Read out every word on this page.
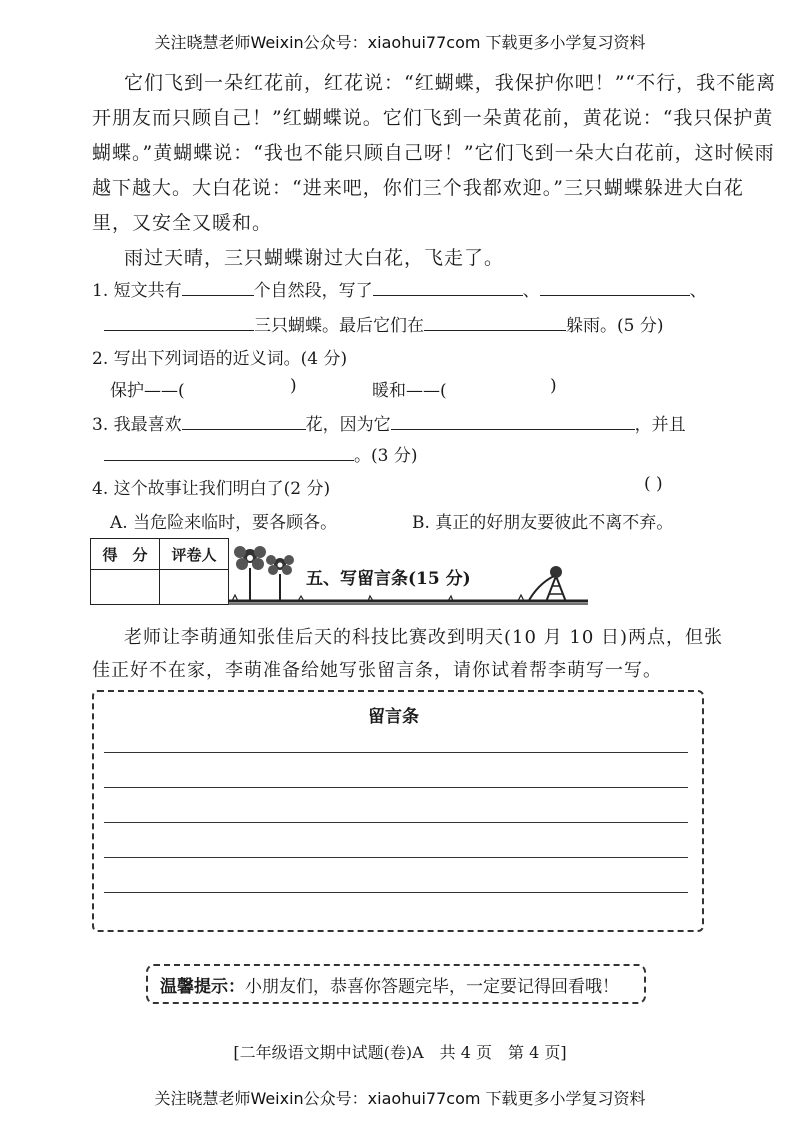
关注晓慧老师Weixin公众号：xiaohui77com 下载更多小学复习资料
它们飞到一朵红花前，红花说：“红蝴蝶，我保护你吧！”“不行，我不能离
开朋友而只顾自己！”红蝴蝶说。它们飞到一朵黄花前，黄花说：“我只保护黄
蝴蝶。”黄蝴蝶说：“我也不能只顾自己呀！”它们飞到一朵大白花前，这时候雨
越下越大。大白花说：“进来吧，你们三个我都欢迎。”三只蝴蝶躲进大白花
里，又安全又暖和。
雨过天晴，三只蝴蝶谢过大白花，飞走了。
1. 短文共有	个自然段，写了	、	、
三只蝴蝶。最后它们在	躲雨。(5 分)
2. 写出下列词语的近义词。(4 分)
保护——(	)	暖和——(	)
3. 我最喜欢	花，因为它	，并且
。(3 分)
4. 这个故事让我们明白了(2 分)	( )
A. 当危险来临时，要各顾各。	B. 真正的好朋友要彼此不离不弃。
得　分	评卷人

五、写留言条(15 分)
老师让李萌通知张佳后天的科技比赛改到明天(10 月 10 日)两点，但张
佳正好不在家，李萌准备给她写张留言条，请你试着帮李萌写一写。
留言条
温馨提示：小朋友们，恭喜你答题完毕，一定要记得回看哦！
[二年级语文期中试题(卷)A　共 4 页　第 4 页]
关注晓慧老师Weixin公众号：xiaohui77com 下载更多小学复习资料
